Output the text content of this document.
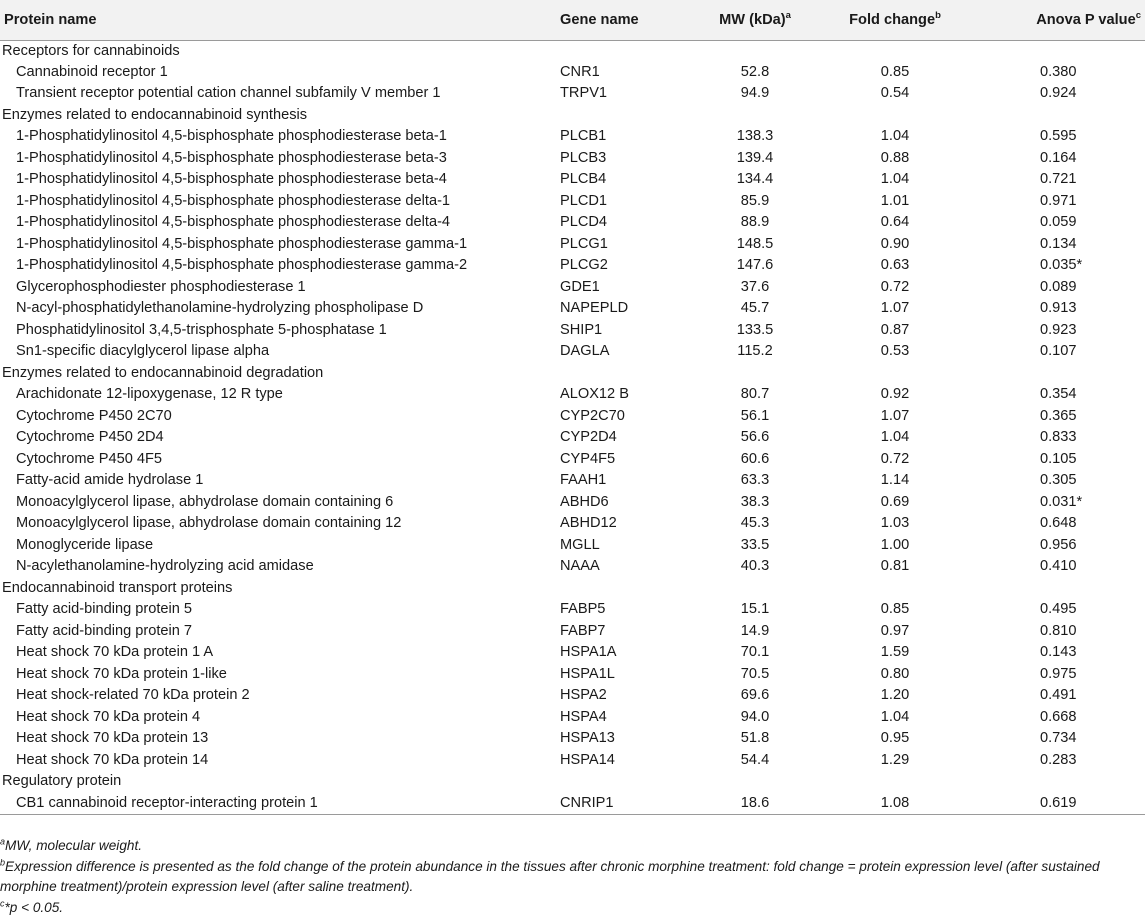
Protein name	Gene name	MW (kDa)$^a$	Fold change$^b$	Anova P value$^c$
Receptors for cannabinoids				
Cannabinoid receptor 1	CNR1	52.8	0.85	0.380
Transient receptor potential cation channel subfamily V member 1	TRPV1	94.9	0.54	0.924
Enzymes related to endocannabinoid synthesis				
1-Phosphatidylinositol 4,5-bisphosphate phosphodiesterase beta-1	PLCB1	138.3	1.04	0.595
1-Phosphatidylinositol 4,5-bisphosphate phosphodiesterase beta-3	PLCB3	139.4	0.88	0.164
1-Phosphatidylinositol 4,5-bisphosphate phosphodiesterase beta-4	PLCB4	134.4	1.04	0.721
1-Phosphatidylinositol 4,5-bisphosphate phosphodiesterase delta-1	PLCD1	85.9	1.01	0.971
1-Phosphatidylinositol 4,5-bisphosphate phosphodiesterase delta-4	PLCD4	88.9	0.64	0.059
1-Phosphatidylinositol 4,5-bisphosphate phosphodiesterase gamma-1	PLCG1	148.5	0.90	0.134
1-Phosphatidylinositol 4,5-bisphosphate phosphodiesterase gamma-2	PLCG2	147.6	0.63	0.035*
Glycerophosphodiester phosphodiesterase 1	GDE1	37.6	0.72	0.089
N-acyl-phosphatidylethanolamine-hydrolyzing phospholipase D	NAPEPLD	45.7	1.07	0.913
Phosphatidylinositol 3,4,5-trisphosphate 5-phosphatase 1	SHIP1	133.5	0.87	0.923
Sn1-specific diacylglycerol lipase alpha	DAGLA	115.2	0.53	0.107
Enzymes related to endocannabinoid degradation				
Arachidonate 12-lipoxygenase, 12 R type	ALOX12 B	80.7	0.92	0.354
Cytochrome P450 2C70	CYP2C70	56.1	1.07	0.365
Cytochrome P450 2D4	CYP2D4	56.6	1.04	0.833
Cytochrome P450 4F5	CYP4F5	60.6	0.72	0.105
Fatty-acid amide hydrolase 1	FAAH1	63.3	1.14	0.305
Monoacylglycerol lipase, abhydrolase domain containing 6	ABHD6	38.3	0.69	0.031*
Monoacylglycerol lipase, abhydrolase domain containing 12	ABHD12	45.3	1.03	0.648
Monoglyceride lipase	MGLL	33.5	1.00	0.956
N-acylethanolamine-hydrolyzing acid amidase	NAAA	40.3	0.81	0.410
Endocannabinoid transport proteins				
Fatty acid-binding protein 5	FABP5	15.1	0.85	0.495
Fatty acid-binding protein 7	FABP7	14.9	0.97	0.810
Heat shock 70 kDa protein 1 A	HSPA1A	70.1	1.59	0.143
Heat shock 70 kDa protein 1-like	HSPA1L	70.5	0.80	0.975
Heat shock-related 70 kDa protein 2	HSPA2	69.6	1.20	0.491
Heat shock 70 kDa protein 4	HSPA4	94.0	1.04	0.668
Heat shock 70 kDa protein 13	HSPA13	51.8	0.95	0.734
Heat shock 70 kDa protein 14	HSPA14	54.4	1.29	0.283
Regulatory protein				
CB1 cannabinoid receptor-interacting protein 1	CNRIP1	18.6	1.08	0.619

$^a$MW, molecular weight.

$^b$Expression difference is presented as the fold change of the protein abundance in the tissues after chronic morphine treatment: fold change = protein expression level (after sustained morphine treatment)/protein expression level (after saline treatment).

$^c$*p < 0.05.
